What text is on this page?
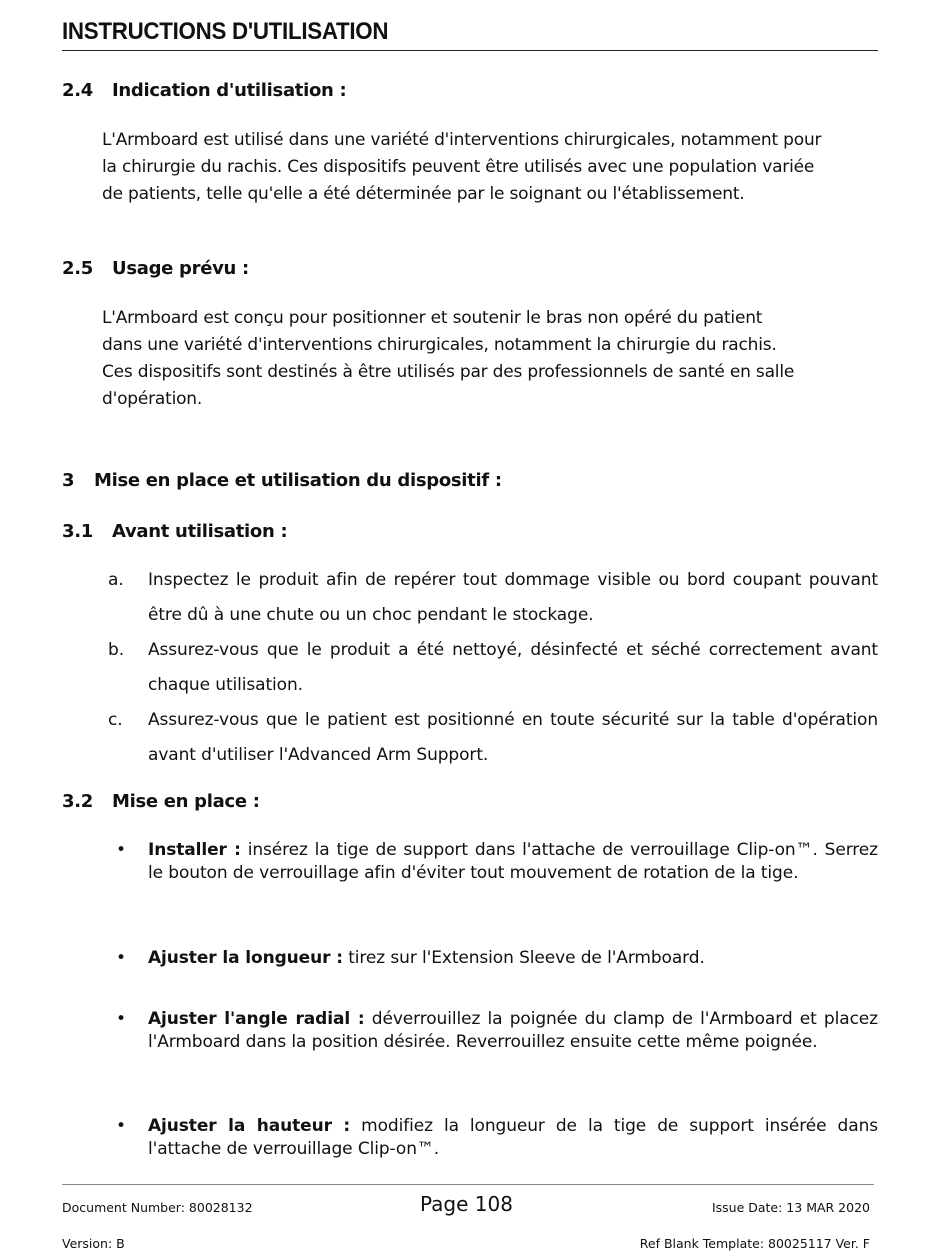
INSTRUCTIONS D'UTILISATION
2.4 Indication d'utilisation :
L'Armboard est utilisé dans une variété d'interventions chirurgicales, notamment pour
la chirurgie du rachis. Ces dispositifs peuvent être utilisés avec une population variée
de patients, telle qu'elle a été déterminée par le soignant ou l'établissement.
2.5 Usage prévu :
L'Armboard est conçu pour positionner et soutenir le bras non opéré du patient
dans une variété d'interventions chirurgicales, notamment la chirurgie du rachis.
Ces dispositifs sont destinés à être utilisés par des professionnels de santé en salle
d'opération.
3 Mise en place et utilisation du dispositif :
3.1 Avant utilisation :
a. Inspectez le produit afin de repérer tout dommage visible ou bord coupant pouvant être dû à une chute ou un choc pendant le stockage.
b. Assurez-vous que le produit a été nettoyé, désinfecté et séché correctement avant chaque utilisation.
c. Assurez-vous que le patient est positionné en toute sécurité sur la table d'opération avant d'utiliser l'Advanced Arm Support.
3.2 Mise en place :
• Installer : insérez la tige de support dans l'attache de verrouillage Clip-on™. Serrez le bouton de verrouillage afin d'éviter tout mouvement de rotation de la tige.
• Ajuster la longueur : tirez sur l'Extension Sleeve de l'Armboard.
• Ajuster l'angle radial : déverrouillez la poignée du clamp de l'Armboard et placez l'Armboard dans la position désirée. Reverrouillez ensuite cette même poignée.
• Ajuster la hauteur : modifiez la longueur de la tige de support insérée dans l'attache de verrouillage Clip-on™.
Document Number: 80028132	Page 108	Issue Date: 13 MAR 2020
Version: B	Ref Blank Template: 80025117 Ver. F
